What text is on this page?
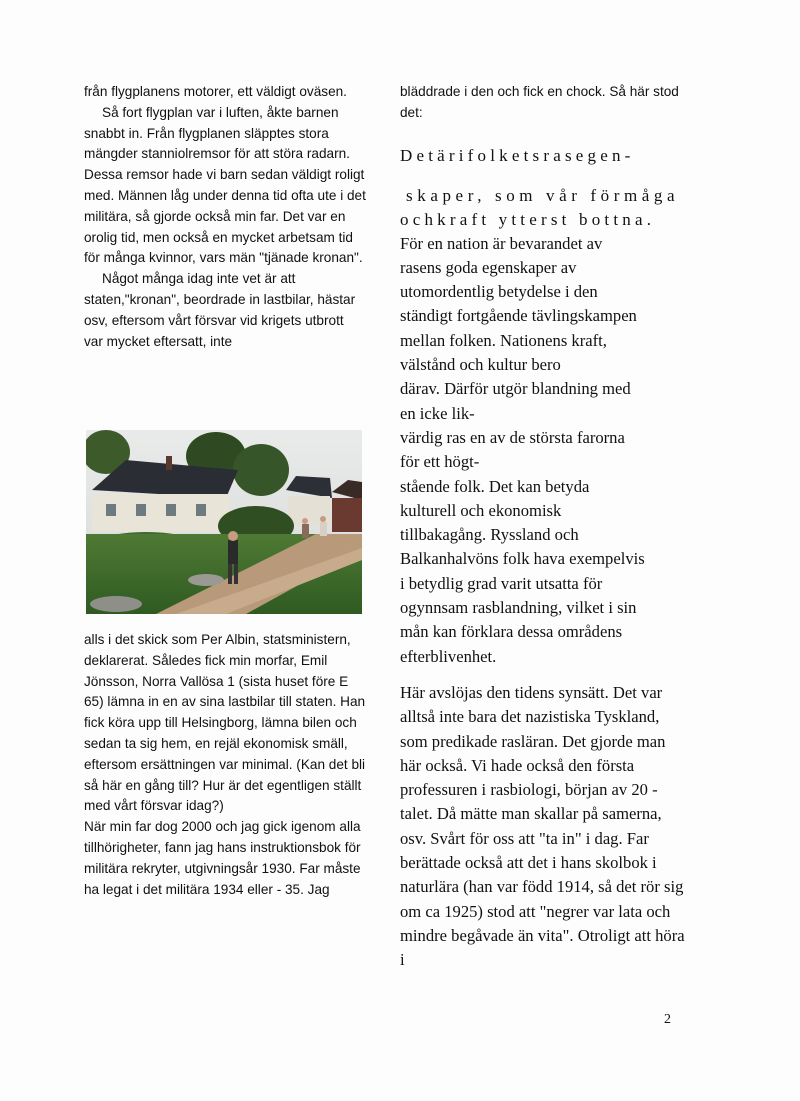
från flygplanens motorer, ett väldigt oväsen.

Så fort flygplan var i luften, åkte barnen snabbt in. Från flygplanen släpptes stora mängder stanniolremsor för att störa radarn. Dessa remsor hade vi barn sedan väldigt roligt med. Männen låg under denna tid ofta ute i det militära, så gjorde också min far. Det var en orolig tid, men också en mycket arbetsam tid för många kvinnor, vars män "tjänade kronan".

Något många idag inte vet är att staten,"kronan", beordrade in lastbilar, hästar osv, eftersom vårt försvar vid krigets utbrott var mycket eftersatt, inte

alls i det skick som Per Albin, statsministern, deklarerat. Således fick min morfar, Emil Jönsson, Norra Vallösa 1 (sista huset före E 65) lämna in en av sina lastbilar till staten. Han fick köra upp till Helsingborg, lämna bilen och sedan ta sig hem, en rejäl ekonomisk smäll, eftersom ersättningen var minimal. (Kan det bli så här en gång till? Hur är det egentligen ställt med vårt försvar idag?)

När min far dog 2000 och jag gick igenom alla tillhörigheter, fann jag hans instruktionsbok för militära rekryter, utgivningsår 1930. Far måste ha legat i det militära 1934 eller - 35. Jag

bläddrade i den och fick en chock. Så här stod det:

Detärifolketsrasegen-

skaper, som vår förmåga

ochkraft ytterst bottna.

För en nation är bevarandet av

rasens goda egenskaper av

utomordentlig betydelse i den

ständigt fortgående tävlingskampen

mellan folken. Nationens kraft,

välstånd och kultur bero

därav. Därför utgör blandning med

en icke lik-

värdig ras en av de största farorna

för ett högt-

stående folk. Det kan betyda

kulturell och ekonomisk

tillbakagång. Ryssland och

Balkanhalvöns folk hava exempelvis

i betydlig grad varit utsatta för

ogynnsam rasblandning, vilket i sin

mån kan förklara dessa områdens

efterblivenhet.

Här avslöjas den tidens synsätt. Det var alltså inte bara det nazistiska Tyskland, som predikade rasläran. Det gjorde man här också. Vi hade också den första professuren i rasbiologi, början av 20 - talet. Då mätte man skallar på samerna, osv. Svårt för oss att "ta in" i dag. Far berättade också att det i hans skolbok i naturlära (han var född 1914, så det rör sig om ca 1925) stod att "negrer var lata och mindre begåvade än vita". Otroligt att höra i

2
